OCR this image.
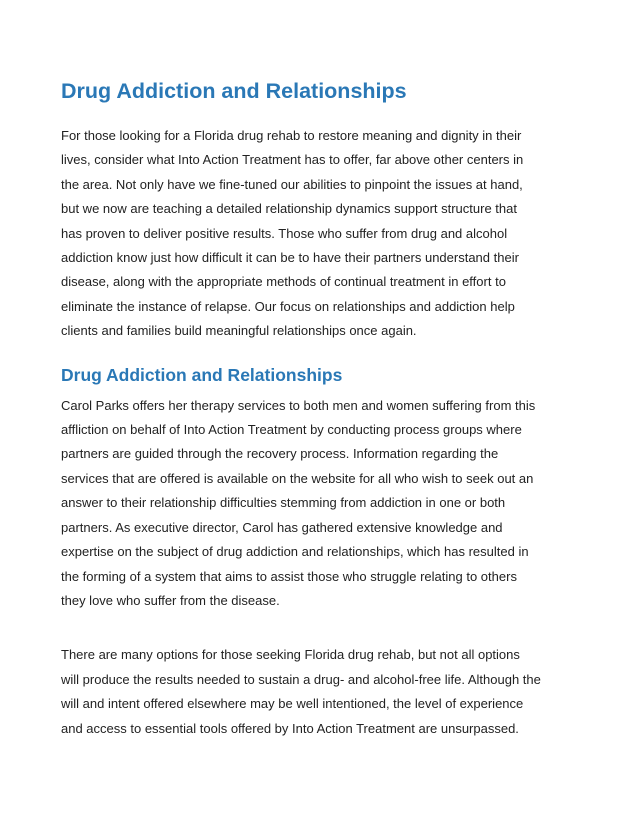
Drug Addiction and Relationships
For those looking for a Florida drug rehab to restore meaning and dignity in their
lives, consider what Into Action Treatment has to offer, far above other centers in
the area. Not only have we fine-tuned our abilities to pinpoint the issues at hand,
but we now are teaching a detailed relationship dynamics support structure that
has proven to deliver positive results. Those who suffer from drug and alcohol
addiction know just how difficult it can be to have their partners understand their
disease, along with the appropriate methods of continual treatment in effort to
eliminate the instance of relapse. Our focus on relationships and addiction help
clients and families build meaningful relationships once again.
Drug Addiction and Relationships
Carol Parks offers her therapy services to both men and women suffering from this
affliction on behalf of Into Action Treatment by conducting process groups where
partners are guided through the recovery process. Information regarding the
services that are offered is available on the website for all who wish to seek out an
answer to their relationship difficulties stemming from addiction in one or both
partners. As executive director, Carol has gathered extensive knowledge and
expertise on the subject of drug addiction and relationships, which has resulted in
the forming of a system that aims to assist those who struggle relating to others
they love who suffer from the disease.
There are many options for those seeking Florida drug rehab, but not all options
will produce the results needed to sustain a drug- and alcohol-free life. Although the
will and intent offered elsewhere may be well intentioned, the level of experience
and access to essential tools offered by Into Action Treatment are unsurpassed.
